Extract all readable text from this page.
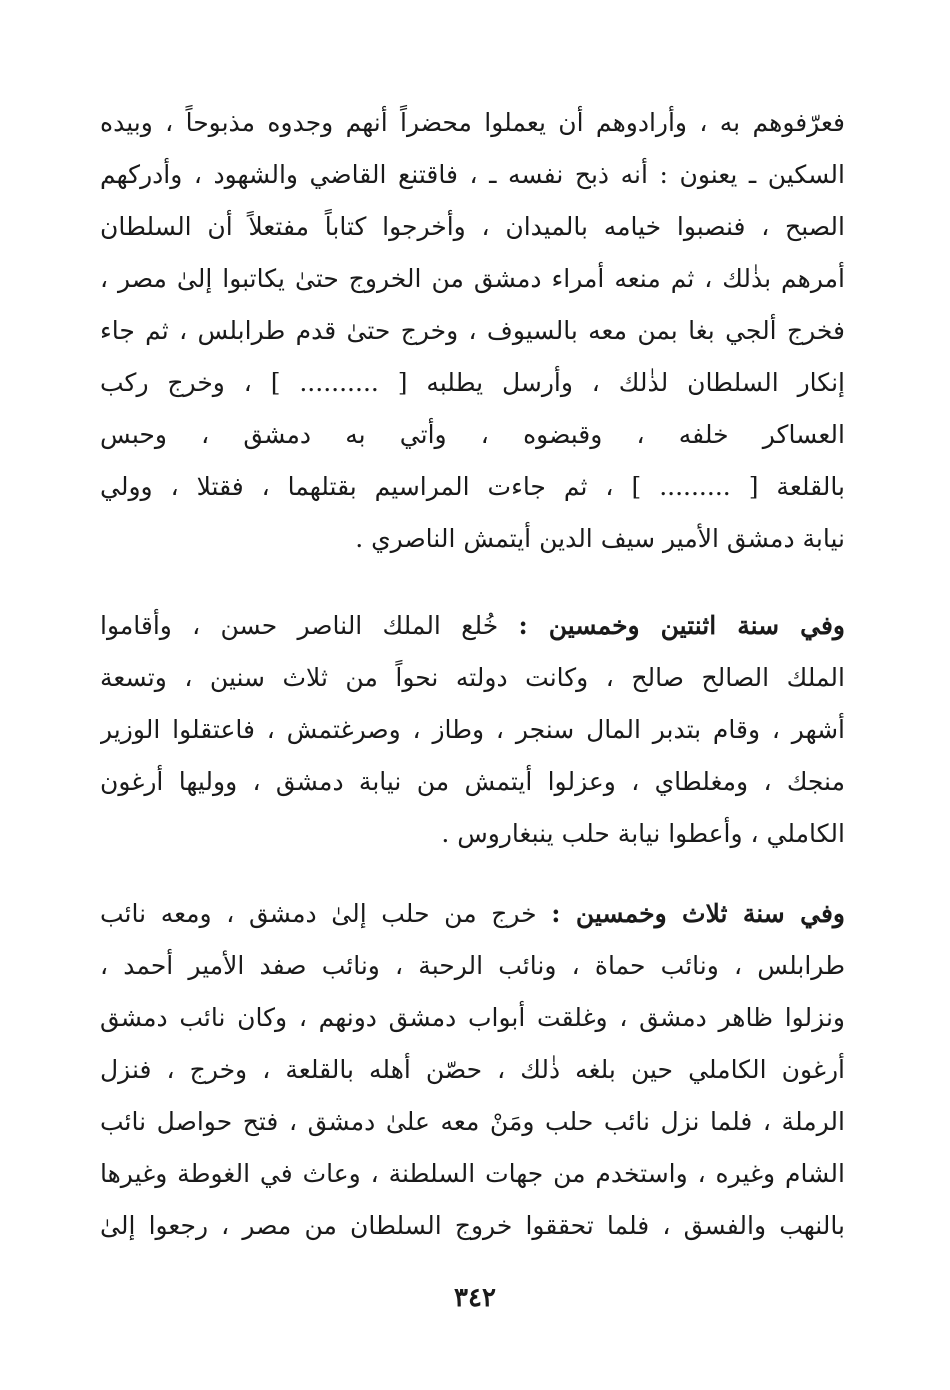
فعرّفوهم به ، وأرادوهم أن يعملوا محضراً أنهم وجدوه مذبوحاً ، وبيده
السكين ـ يعنون : أنه ذبح نفسه ـ ، فاقتنع القاضي والشهود ، وأدركهم
الصبح ، فنصبوا خيامه بالميدان ، وأخرجوا كتاباً مفتعلاً أن السلطان
أمرهم بذٰلك ، ثم منعه أمراء دمشق من الخروج حتىٰ يكاتبوا إلىٰ مصر ،
فخرج ألجي بغا بمن معه بالسيوف ، وخرج حتىٰ قدم طرابلس ، ثم جاء
إنكار السلطان لذٰلك ، وأرسل يطلبه [ .......... ] ، وخرج ركب
العساكر خلفه ، وقبضوه ، وأتي به دمشق ، وحبس
بالقلعة [ ......... ] ، ثم جاءت المراسيم بقتلهما ، فقتلا ، وولي
نيابة دمشق الأمير سيف الدين أيتمش الناصري .
وفي سنة اثنتين وخمسين : خُلع الملك الناصر حسن ، وأقاموا
الملك الصالح صالح ، وكانت دولته نحواً من ثلاث سنين ، وتسعة
أشهر ، وقام بتدبر المال سنجر ، وطاز ، وصرغتمش ، فاعتقلوا الوزير
منجك ، ومغلطاي ، وعزلوا أيتمش من نيابة دمشق ، ووليها أرغون
الكاملي ، وأعطوا نيابة حلب ينبغاروس .
وفي سنة ثلاث وخمسين : خرج من حلب إلىٰ دمشق ، ومعه نائب
طرابلس ، ونائب حماة ، ونائب الرحبة ، ونائب صفد الأمير أحمد ،
ونزلوا ظاهر دمشق ، وغلقت أبواب دمشق دونهم ، وكان نائب دمشق
أرغون الكاملي حين بلغه ذٰلك ، حصّن أهله بالقلعة ، وخرج ، فنزل
الرملة ، فلما نزل نائب حلب ومَنْ معه علىٰ دمشق ، فتح حواصل نائب
الشام وغيره ، واستخدم من جهات السلطنة ، وعاث في الغوطة وغيرها
بالنهب والفسق ، فلما تحققوا خروج السلطان من مصر ، رجعوا إلىٰ
٣٤٢
